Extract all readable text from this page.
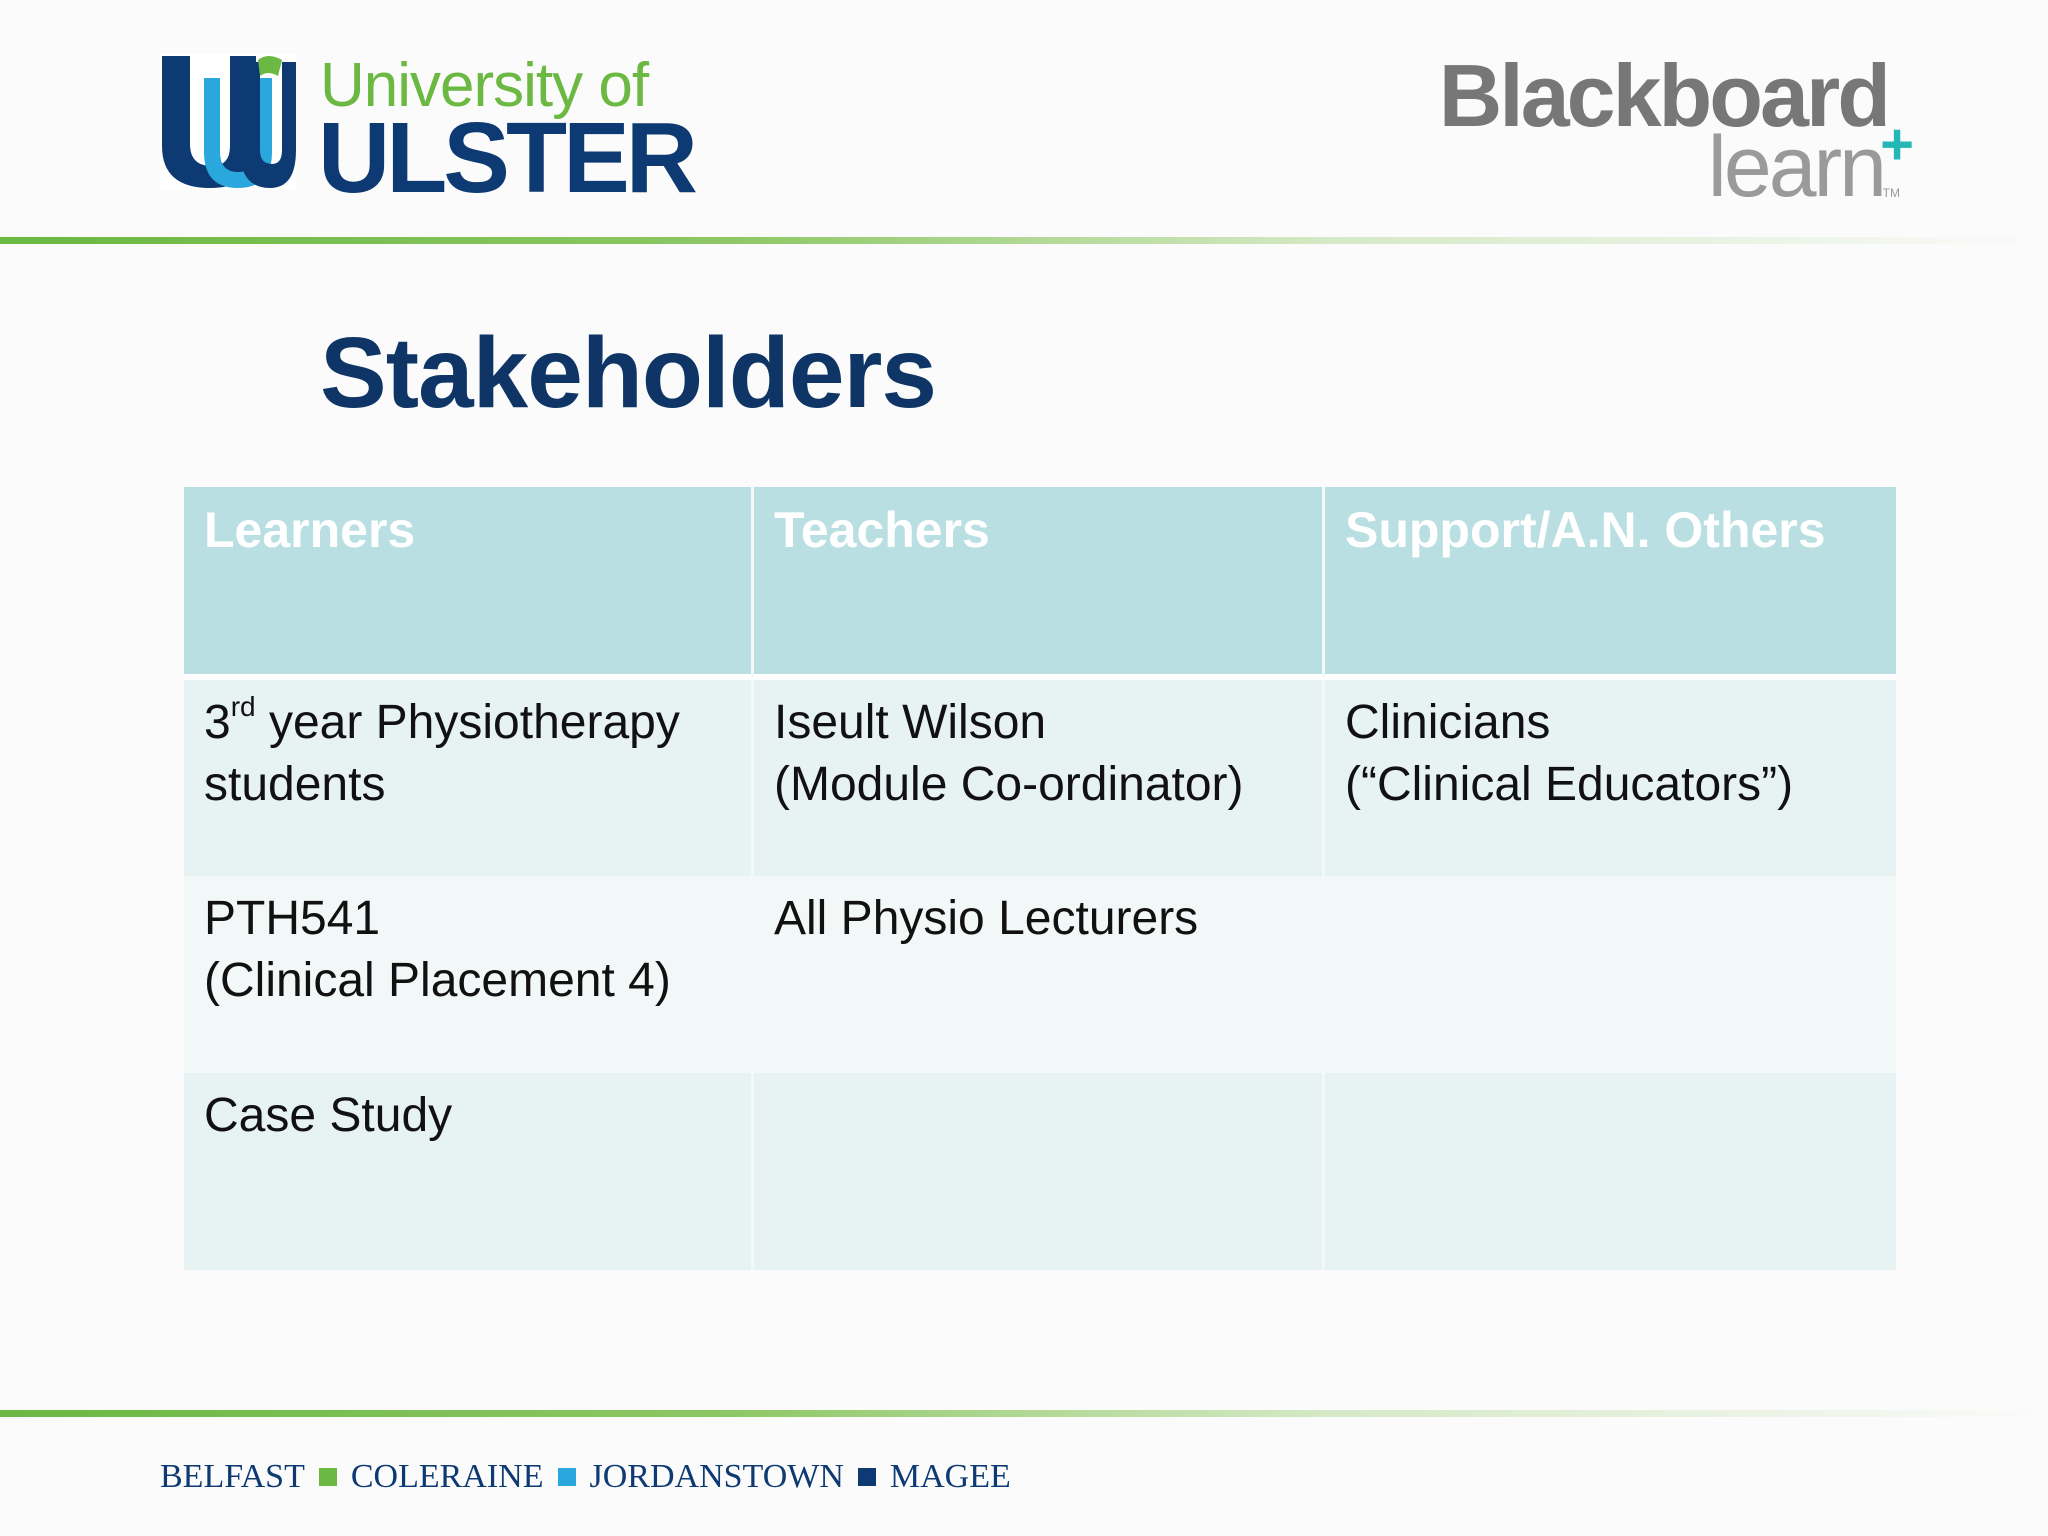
University of
ULSTER
Blackboard
learn
+
TM
Stakeholders
Learners	Teachers	Support/A.N. Others
3rd year Physiotherapy
students
Iseult Wilson
(Module Co-ordinator)
Clinicians
(“Clinical Educators”)
PTH541
(Clinical Placement 4)
All Physio Lecturers
Case Study
BELFAST COLERAINE JORDANSTOWN MAGEE
